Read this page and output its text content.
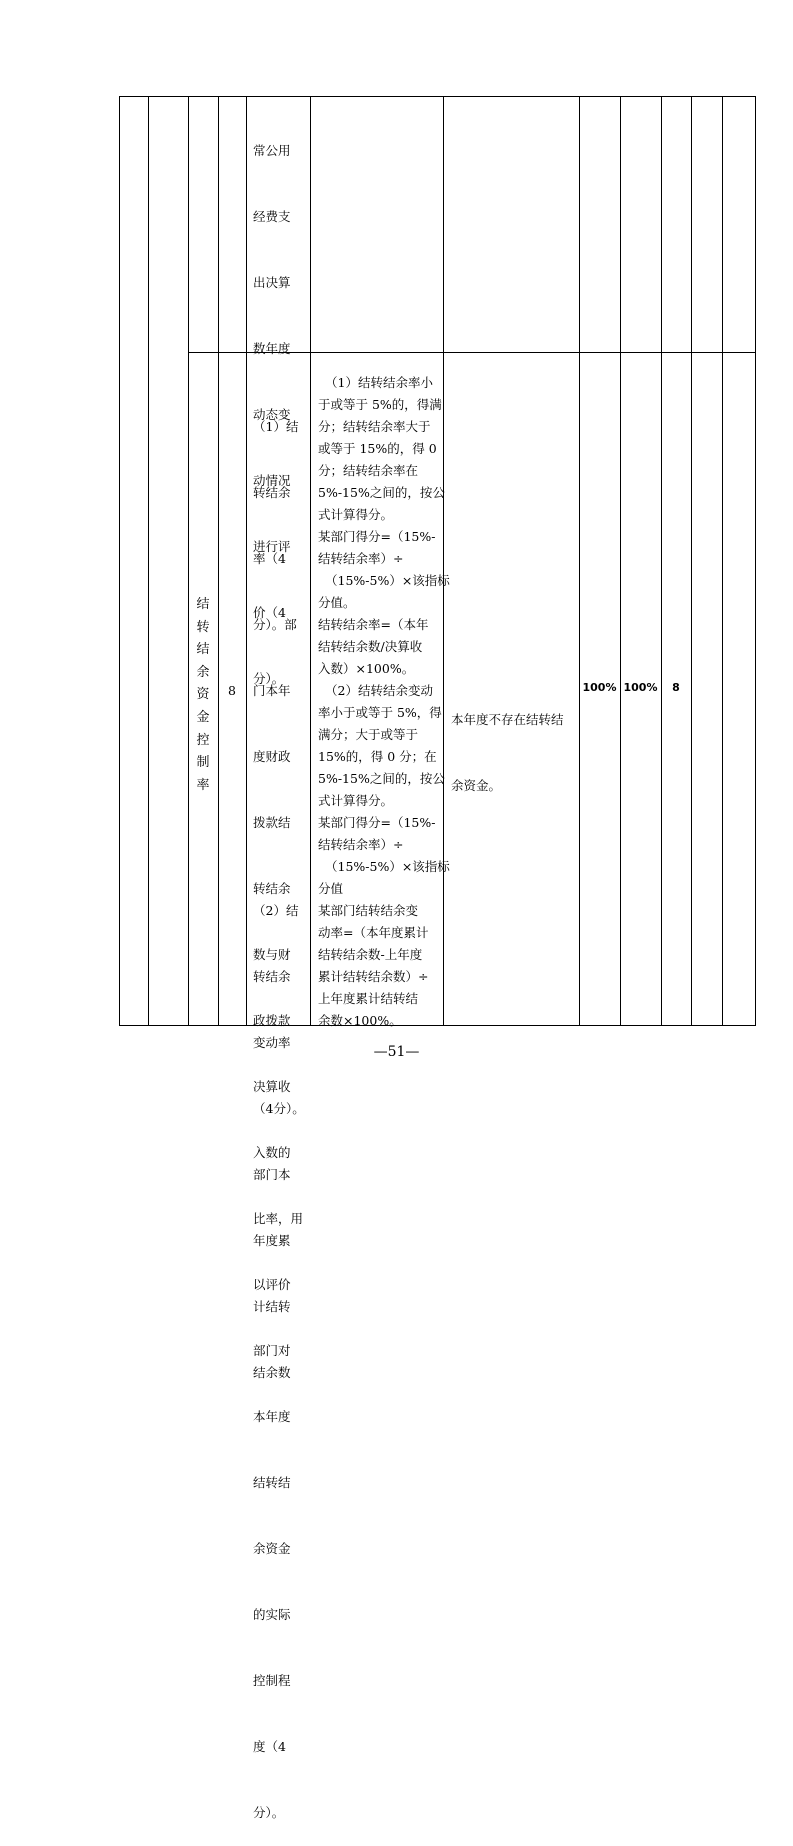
常公用

经费支

出决算

数年度

动态变

动情况

进行评

价（4

分）。

结
转
结
余
资
金
控
制
率
8

（1）结

转结余

率（4

分）。部

门本年

度财政

拨款结

转结余

数与财

政拨款

决算收

入数的

比率，用

以评价

部门对

本年度

结转结

余资金

的实际

控制程

度（4

分）。

（2）结

转结余

变动率

（4分）。

部门本

年度累

计结转

结余数

（1）结转结余率小
于或等于 5%的，得满
分；结转结余率大于
或等于 15%的，得 0
分；结转结余率在
5%-15%之间的，按公
式计算得分。
某部门得分=（15%-
结转结余率）÷
（15%-5%）×该指标
分值。
结转结余率=（本年
结转结余数/决算收
入数）×100%。
（2）结转结余变动
率小于或等于 5%，得
满分；大于或等于
15%的，得 0 分；在
5%-15%之间的，按公
式计算得分。
某部门得分=（15%-
结转结余率）÷
（15%-5%）×该指标
分值
某部门结转结余变
动率=（本年度累计
结转结余数-上年度
累计结转结余数）÷
上年度累计结转结
余数×100%。

本年度不存在结转结

余资金。

100% 100%	8
—51—
